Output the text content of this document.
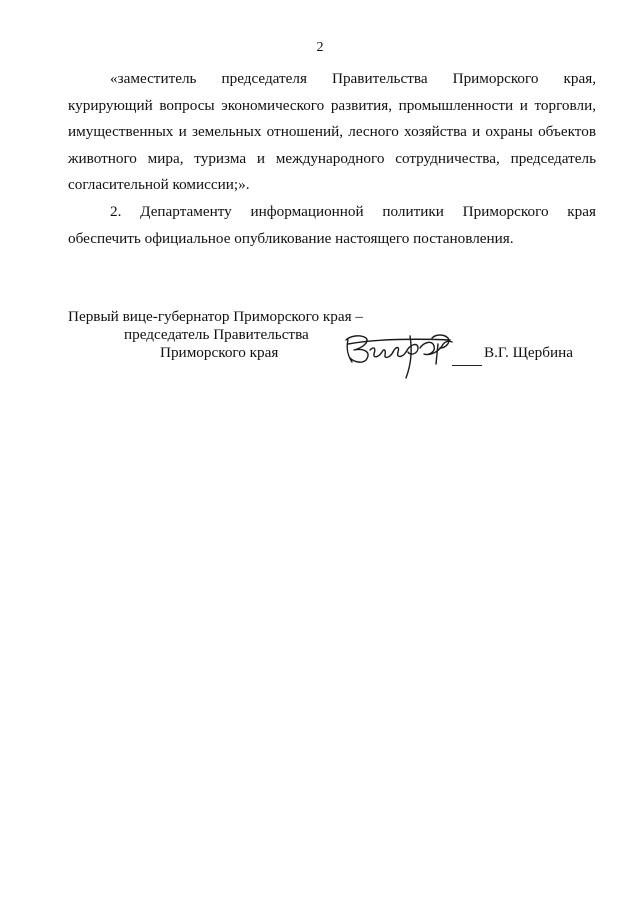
2

«заместитель председателя Правительства Приморского края, курирующий вопросы экономического развития, промышленности и торговли, имущественных и земельных отношений, лесного хозяйства и охраны объектов животного мира, туризма и международного сотрудничества, председатель согласительной комиссии;».

2. Департаменту информационной политики Приморского края обеспечить официальное опубликование настоящего постановления.

Первый вице-губернатор Приморского края –
председатель Правительства
Приморского края	В.Г. Щербина
